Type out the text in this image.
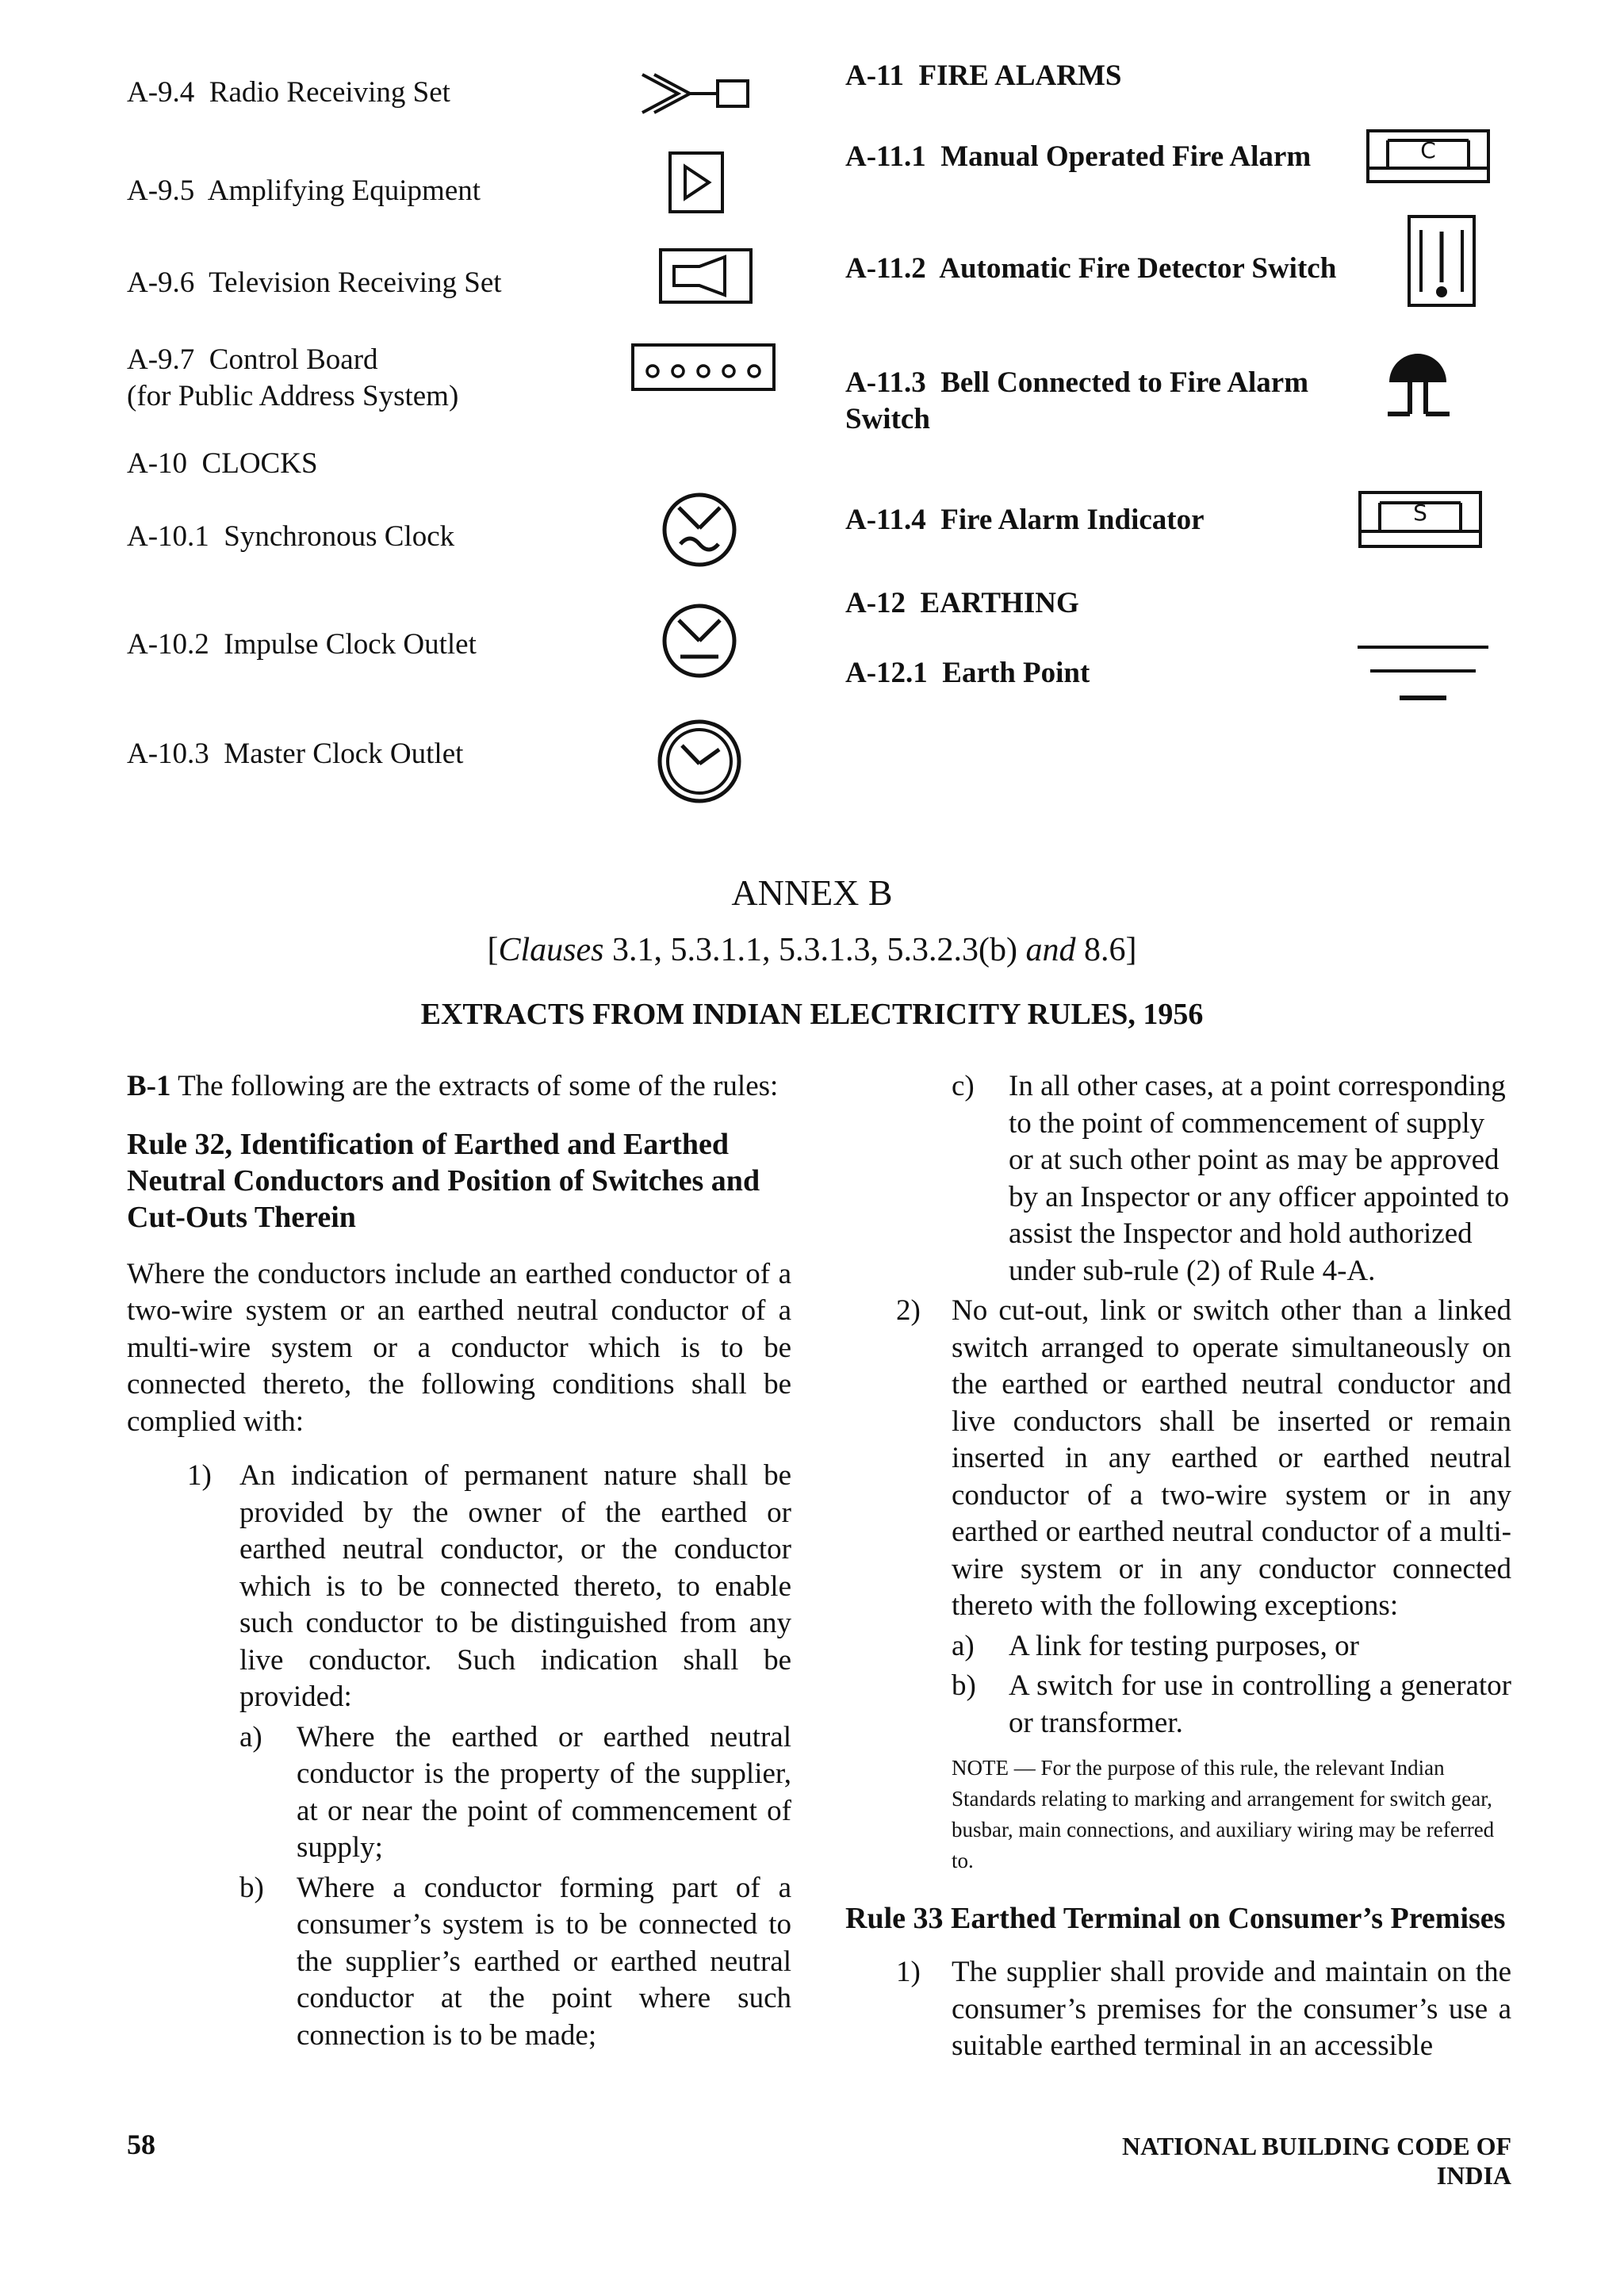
A-9.4 Radio Receiving Set
A-9.5 Amplifying Equipment
A-9.6 Television Receiving Set
A-9.7 Control Board
(for Public Address System)
A-10 CLOCKS
A-10.1 Synchronous Clock
A-10.2 Impulse Clock Outlet
A-10.3 Master Clock Outlet
A-11 FIRE ALARMS
A-11.1 Manual Operated Fire Alarm	C
A-11.2 Automatic Fire Detector Switch
A-11.3 Bell Connected to Fire Alarm
Switch
A-11.4 Fire Alarm Indicator	S
A-12 EARTHING
A-12.1 Earth Point
ANNEX B
[Clauses 3.1, 5.3.1.1, 5.3.1.3, 5.3.2.3(b) and 8.6]
EXTRACTS FROM INDIAN ELECTRICITY RULES, 1956

B-1 The following are the extracts of some of the rules:

Rule 32, Identification of Earthed and Earthed Neutral Conductors and Position of Switches and Cut-Outs Therein

Where the conductors include an earthed conductor of a two-wire system or an earthed neutral conductor of a multi-wire system or a conductor which is to be connected thereto, the following conditions shall be complied with:

1) An indication of permanent nature shall be provided by the owner of the earthed or earthed neutral conductor, or the conductor which is to be connected thereto, to enable such conductor to be distinguished from any live conductor. Such indication shall be provided:

a) Where the earthed or earthed neutral conductor is the property of the supplier, at or near the point of commencement of supply;

b) Where a conductor forming part of a consumer’s system is to be connected to the supplier’s earthed or earthed neutral conductor at the point where such connection is to be made;

c) In all other cases, at a point corresponding to the point of commencement of supply or at such other point as may be approved by an Inspector or any officer appointed to assist the Inspector and hold authorized under sub-rule (2) of Rule 4-A.

2) No cut-out, link or switch other than a linked switch arranged to operate simultaneously on the earthed or earthed neutral conductor and live conductors shall be inserted or remain inserted in any earthed or earthed neutral conductor of a two-wire system or in any earthed or earthed neutral conductor of a multi-wire system or in any conductor connected thereto with the following exceptions:

a) A link for testing purposes, or

b) A switch for use in controlling a generator or transformer.

NOTE — For the purpose of this rule, the relevant Indian Standards relating to marking and arrangement for switch gear, busbar, main connections, and auxiliary wiring may be referred to.

Rule 33 Earthed Terminal on Consumer’s Premises

1) The supplier shall provide and maintain on the consumer’s premises for the consumer’s use a suitable earthed terminal in an accessible

58	NATIONAL BUILDING CODE OF INDIA
